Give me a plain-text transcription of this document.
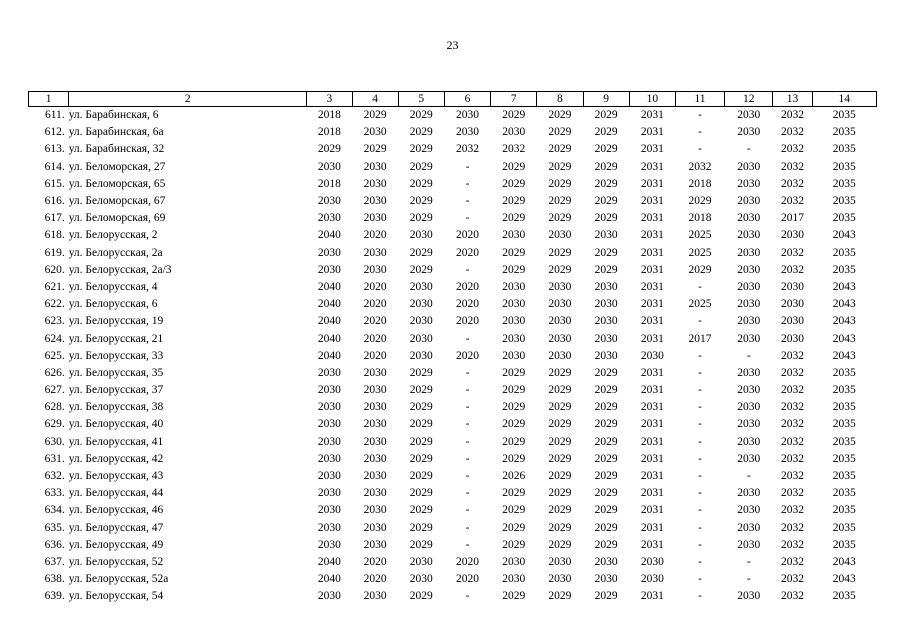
23
1	2	3	4	5	6	7	8	9	10	11	12	13	14
611.	ул. Барабинская, 6	2018	2029	2029	2030	2029	2029	2029	2031	-	2030	2032	2035
612.	ул. Барабинская, 6а	2018	2030	2029	2030	2030	2029	2029	2031	-	2030	2032	2035
613.	ул. Барабинская, 32	2029	2029	2029	2032	2032	2029	2029	2031	-	-	2032	2035
614.	ул. Беломорская, 27	2030	2030	2029	-	2029	2029	2029	2031	2032	2030	2032	2035
615.	ул. Беломорская, 65	2018	2030	2029	-	2029	2029	2029	2031	2018	2030	2032	2035
616.	ул. Беломорская, 67	2030	2030	2029	-	2029	2029	2029	2031	2029	2030	2032	2035
617.	ул. Беломорская, 69	2030	2030	2029	-	2029	2029	2029	2031	2018	2030	2017	2035
618.	ул. Белорусская, 2	2040	2020	2030	2020	2030	2030	2030	2031	2025	2030	2030	2043
619.	ул. Белорусская, 2а	2030	2030	2029	2020	2029	2029	2029	2031	2025	2030	2032	2035
620.	ул. Белорусская, 2а/3	2030	2030	2029	-	2029	2029	2029	2031	2029	2030	2032	2035
621.	ул. Белорусская, 4	2040	2020	2030	2020	2030	2030	2030	2031	-	2030	2030	2043
622.	ул. Белорусская, 6	2040	2020	2030	2020	2030	2030	2030	2031	2025	2030	2030	2043
623.	ул. Белорусская, 19	2040	2020	2030	2020	2030	2030	2030	2031	-	2030	2030	2043
624.	ул. Белорусская, 21	2040	2020	2030	-	2030	2030	2030	2031	2017	2030	2030	2043
625.	ул. Белорусская, 33	2040	2020	2030	2020	2030	2030	2030	2030	-	-	2032	2043
626.	ул. Белорусская, 35	2030	2030	2029	-	2029	2029	2029	2031	-	2030	2032	2035
627.	ул. Белорусская, 37	2030	2030	2029	-	2029	2029	2029	2031	-	2030	2032	2035
628.	ул. Белорусская, 38	2030	2030	2029	-	2029	2029	2029	2031	-	2030	2032	2035
629.	ул. Белорусская, 40	2030	2030	2029	-	2029	2029	2029	2031	-	2030	2032	2035
630.	ул. Белорусская, 41	2030	2030	2029	-	2029	2029	2029	2031	-	2030	2032	2035
631.	ул. Белорусская, 42	2030	2030	2029	-	2029	2029	2029	2031	-	2030	2032	2035
632.	ул. Белорусская, 43	2030	2030	2029	-	2026	2029	2029	2031	-	-	2032	2035
633.	ул. Белорусская, 44	2030	2030	2029	-	2029	2029	2029	2031	-	2030	2032	2035
634.	ул. Белорусская, 46	2030	2030	2029	-	2029	2029	2029	2031	-	2030	2032	2035
635.	ул. Белорусская, 47	2030	2030	2029	-	2029	2029	2029	2031	-	2030	2032	2035
636.	ул. Белорусская, 49	2030	2030	2029	-	2029	2029	2029	2031	-	2030	2032	2035
637.	ул. Белорусская, 52	2040	2020	2030	2020	2030	2030	2030	2030	-	-	2032	2043
638.	ул. Белорусская, 52а	2040	2020	2030	2020	2030	2030	2030	2030	-	-	2032	2043
639.	ул. Белорусская, 54	2030	2030	2029	-	2029	2029	2029	2031	-	2030	2032	2035
